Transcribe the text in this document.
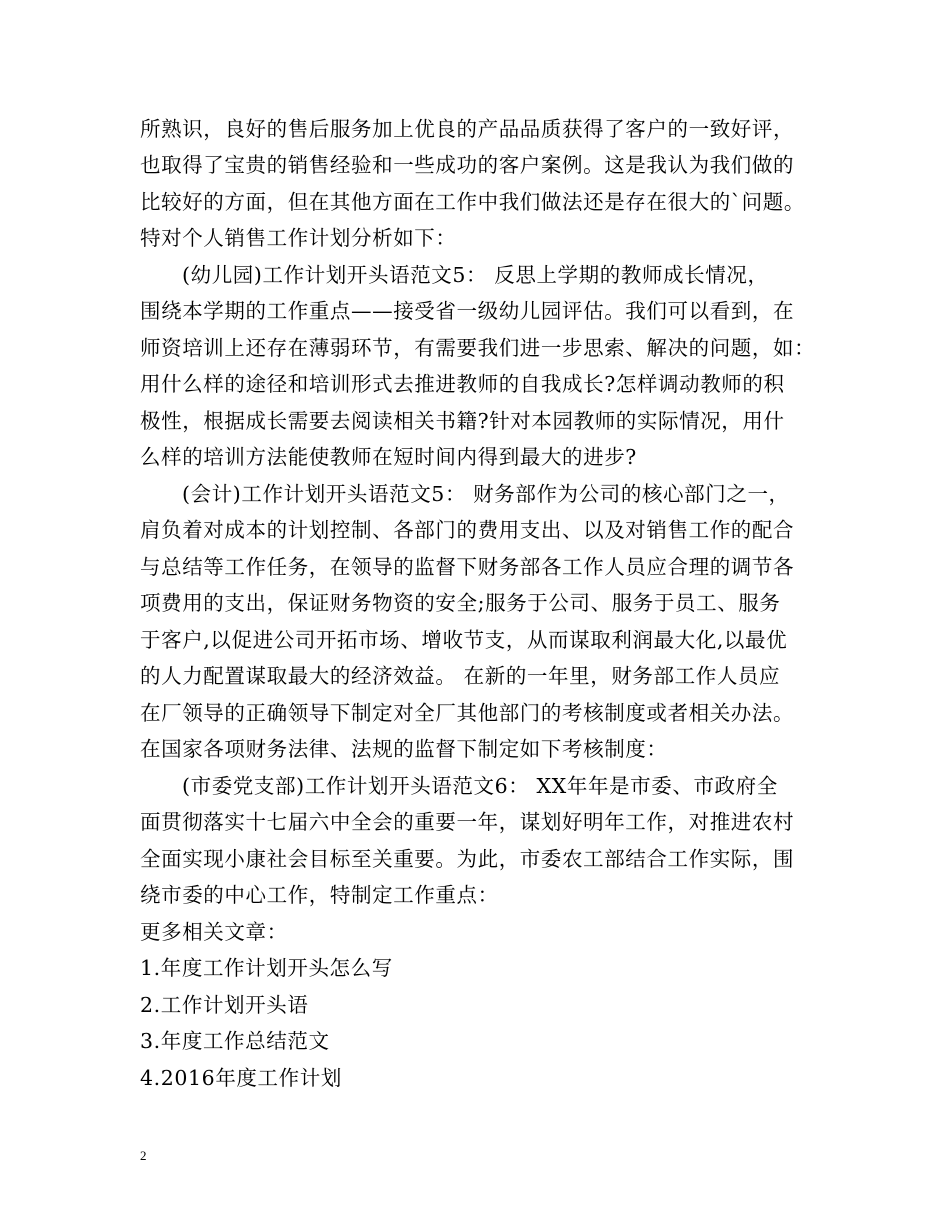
所熟识，良好的售后服务加上优良的产品品质获得了客户的一致好评，
也取得了宝贵的销售经验和一些成功的客户案例。这是我认为我们做的
比较好的方面，但在其他方面在工作中我们做法还是存在很大的`问题。
特对个人销售工作计划分析如下：
(幼儿园)工作计划开头语范文5： 反思上学期的教师成长情况，
围绕本学期的工作重点——接受省一级幼儿园评估。我们可以看到，在
师资培训上还存在薄弱环节，有需要我们进一步思索、解决的问题，如：
用什么样的途径和培训形式去推进教师的自我成长?怎样调动教师的积
极性，根据成长需要去阅读相关书籍?针对本园教师的实际情况，用什
么样的培训方法能使教师在短时间内得到最大的进步?
(会计)工作计划开头语范文5： 财务部作为公司的核心部门之一，
肩负着对成本的计划控制、各部门的费用支出、以及对销售工作的配合
与总结等工作任务，在领导的监督下财务部各工作人员应合理的调节各
项费用的支出，保证财务物资的安全;服务于公司、服务于员工、服务
于客户,以促进公司开拓市场、增收节支，从而谋取利润最大化,以最优
的人力配置谋取最大的经济效益。 在新的一年里，财务部工作人员应
在厂领导的正确领导下制定对全厂其他部门的考核制度或者相关办法。
在国家各项财务法律、法规的监督下制定如下考核制度：
(市委党支部)工作计划开头语范文6： XX年年是市委、市政府全
面贯彻落实十七届六中全会的重要一年，谋划好明年工作，对推进农村
全面实现小康社会目标至关重要。为此，市委农工部结合工作实际，围
绕市委的中心工作，特制定工作重点：
更多相关文章：
1.年度工作计划开头怎么写
2.工作计划开头语
3.年度工作总结范文
4.2016年度工作计划
2
